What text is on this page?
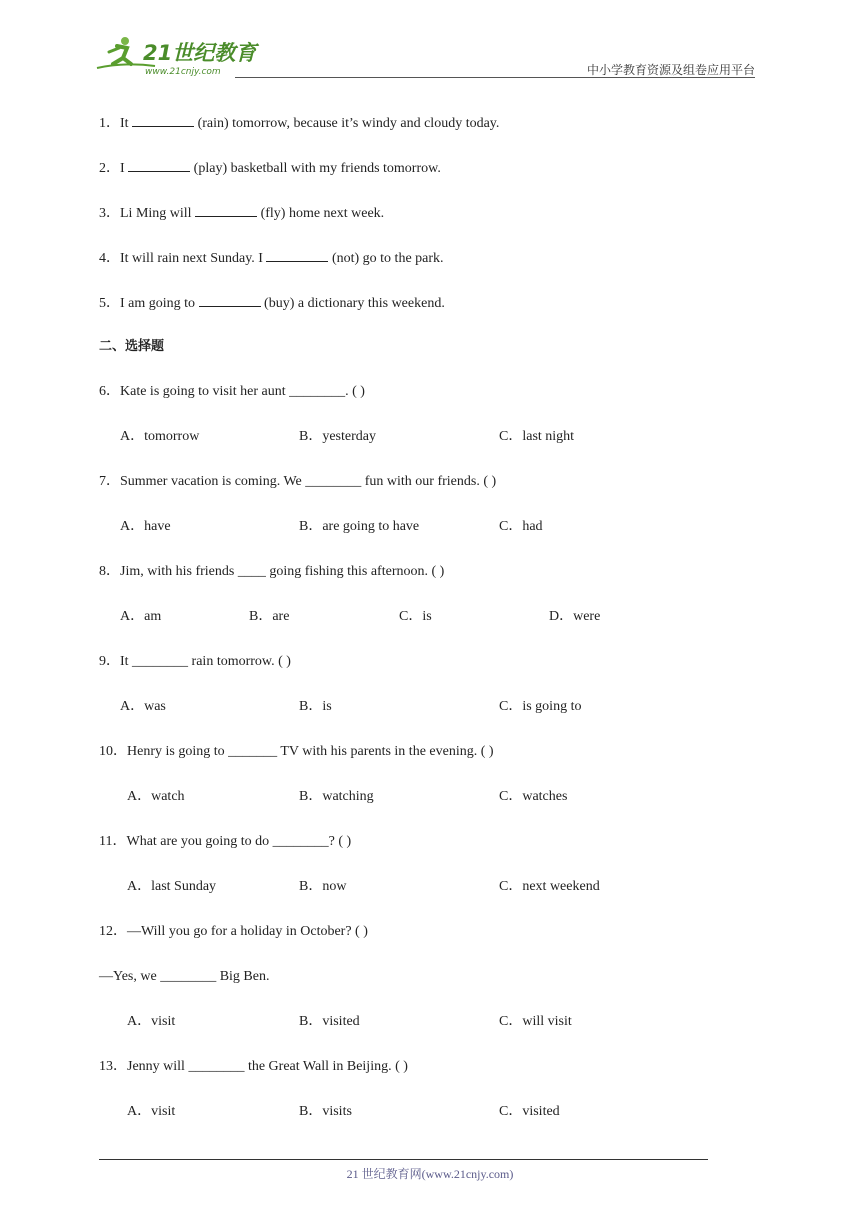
21世纪教育
www.21cnjy.com	中小学教育资源及组卷应用平台
1．It	(rain) tomorrow, because it’s windy and cloudy today.
2．I	(play) basketball with my friends tomorrow.
3．Li Ming will	(fly) home next week.
4．It will rain next Sunday. I	(not) go to the park.
5．I am going to	(buy) a dictionary this weekend.
二、选择题
6．Kate is going to visit her aunt ________. ( )
A．tomorrow	B．yesterday	C．last night
7．Summer vacation is coming. We ________ fun with our friends. ( )
A．have	B．are going to have	C．had
8．Jim, with his friends ____ going fishing this afternoon. ( )
A．am	B．are	C．is	D．were
9．It ________ rain tomorrow. ( )
A．was	B．is	C．is going to
10．Henry is going to _______ TV with his parents in the evening. ( )
A．watch	B．watching	C．watches
11．What are you going to do ________? ( )
A．last Sunday	B．now	C．next weekend
12．—Will you go for a holiday in October? ( )
—Yes, we ________ Big Ben.
A．visit	B．visited	C．will visit
13．Jenny will ________ the Great Wall in Beijing. ( )
A．visit	B．visits	C．visited
21 世纪教育网(www.21cnjy.com)
